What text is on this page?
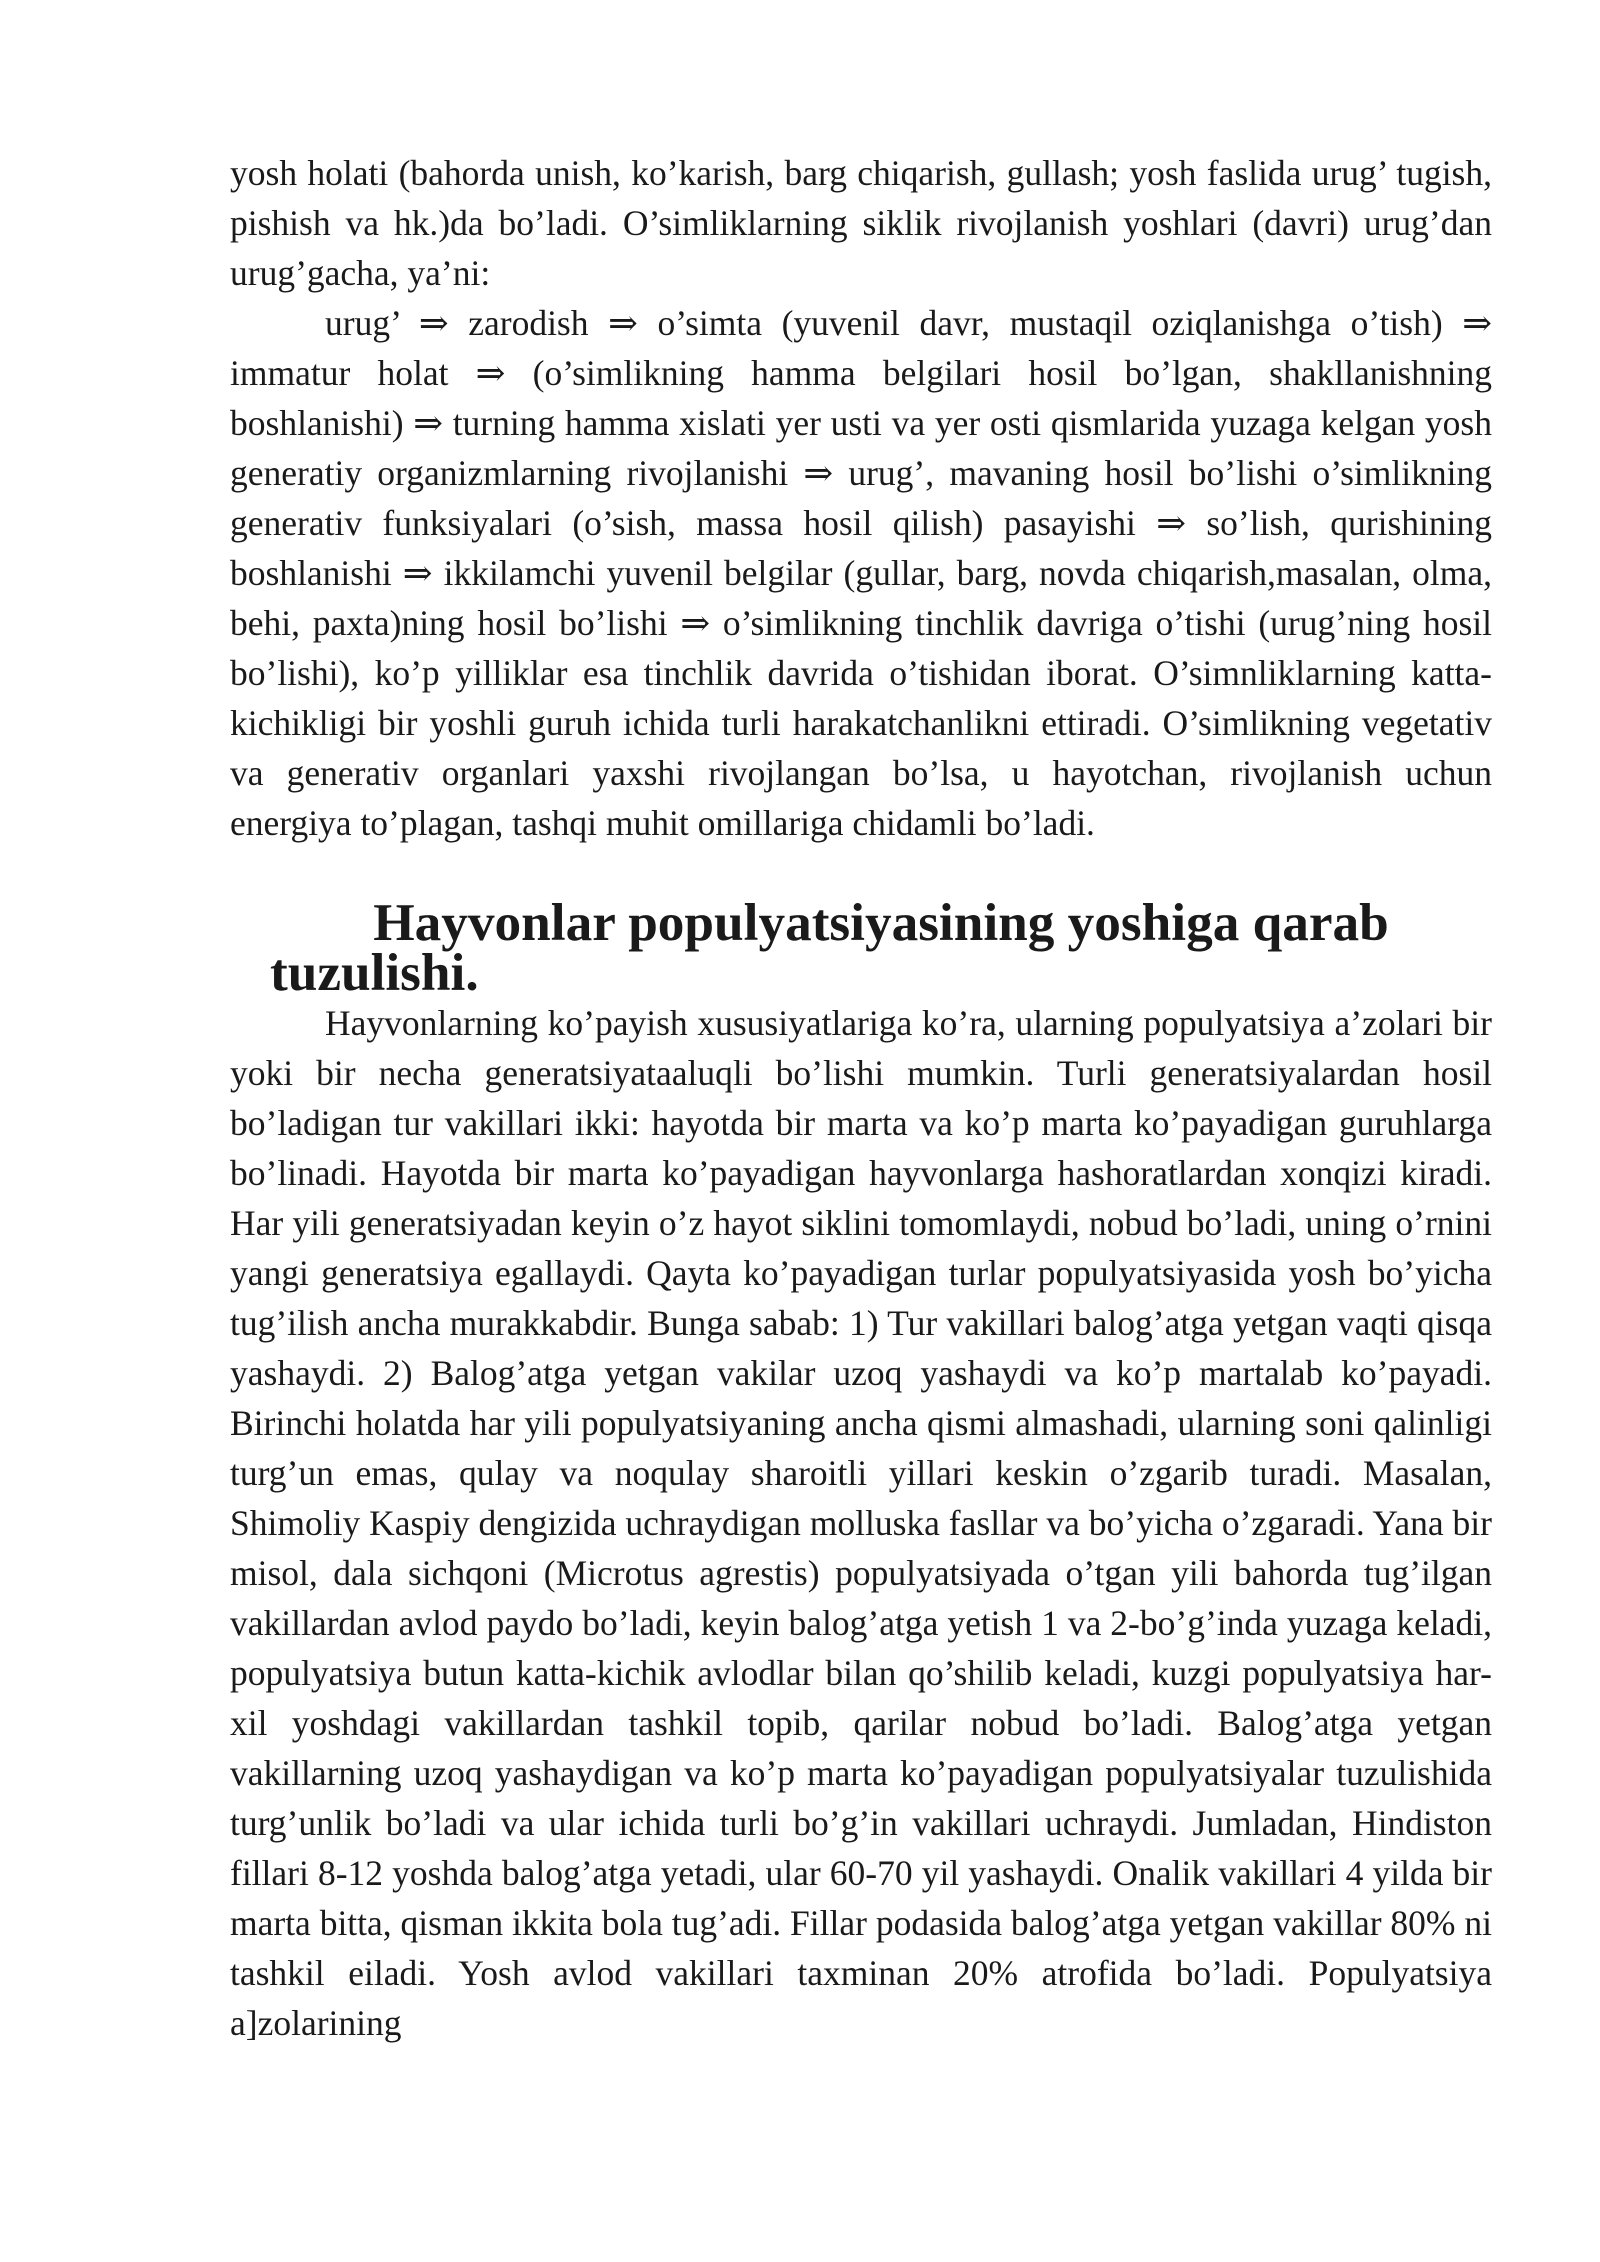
yosh holati (bahorda unish, ko’karish, barg chiqarish, gullash; yosh faslida urug’ tugish, pishish va hk.)da bo’ladi. O’simliklarning siklik rivojlanish yoshlari (davri) urug’dan urug’gacha, ya’ni:

urug’ ⇒ zarodish ⇒ o’simta (yuvenil davr, mustaqil oziqlanishga o’tish) ⇒ immatur holat ⇒ (o’simlikning hamma belgilari hosil bo’lgan, shakllanishning boshlanishi) ⇒ turning hamma xislati yer usti va yer osti qismlarida yuzaga kelgan yosh generatiy organizmlarning rivojlanishi ⇒ urug’, mavaning hosil bo’lishi o’simlikning generativ funksiyalari (o’sish, massa hosil qilish) pasayishi ⇒ so’lish, qurishining boshlanishi ⇒ ikkilamchi yuvenil belgilar (gullar, barg, novda chiqarish,masalan, olma, behi, paxta)ning hosil bo’lishi ⇒ o’simlikning tinchlik davriga o’tishi (urug’ning hosil bo’lishi), ko’p yilliklar esa tinchlik davrida o’tishidan iborat. O’simnliklarning katta-kichikligi bir yoshli guruh ichida turli harakatchanlikni ettiradi. O’simlikning vegetativ va generativ organlari yaxshi rivojlangan bo’lsa, u hayotchan, rivojlanish uchun energiya to’plagan, tashqi muhit omillariga chidamli bo’ladi.

Hayvonlar populyatsiyasining yoshiga qarab tuzulishi.

Hayvonlarning ko’payish xususiyatlariga ko’ra, ularning populyatsiya a’zolari bir yoki bir necha generatsiyataaluqli bo’lishi mumkin. Turli generatsiyalardan hosil bo’ladigan tur vakillari ikki: hayotda bir marta va ko’p marta ko’payadigan guruhlarga bo’linadi. Hayotda bir marta ko’payadigan hayvonlarga hashoratlardan xonqizi kiradi. Har yili generatsiyadan keyin o’z hayot siklini tomomlaydi, nobud bo’ladi, uning o’rnini yangi generatsiya egallaydi. Qayta ko’payadigan turlar populyatsiyasida yosh bo’yicha tug’ilish ancha murakkabdir. Bunga sabab: 1) Tur vakillari balog’atga yetgan vaqti qisqa yashaydi. 2) Balog’atga yetgan vakilar uzoq yashaydi va ko’p martalab ko’payadi. Birinchi holatda har yili populyatsiyaning ancha qismi almashadi, ularning soni qalinligi turg’un emas, qulay va noqulay sharoitli yillari keskin o’zgarib turadi. Masalan, Shimoliy Kaspiy dengizida uchraydigan molluska fasllar va bo’yicha o’zgaradi. Yana bir misol, dala sichqoni (Microtus agrestis) populyatsiyada o’tgan yili bahorda tug’ilgan vakillardan avlod paydo bo’ladi, keyin balog’atga yetish 1 va 2-bo’g’inda yuzaga keladi, populyatsiya butun katta-kichik avlodlar bilan qo’shilib keladi, kuzgi populyatsiya har-xil yoshdagi vakillardan tashkil topib, qarilar nobud bo’ladi. Balog’atga yetgan vakillarning uzoq yashaydigan va ko’p marta ko’payadigan populyatsiyalar tuzulishida turg’unlik bo’ladi va ular ichida turli bo’g’in vakillari uchraydi. Jumladan, Hindiston fillari 8-12 yoshda balog’atga yetadi, ular 60-70 yil yashaydi. Onalik vakillari 4 yilda bir marta bitta, qisman ikkita bola tug’adi. Fillar podasida balog’atga yetgan vakillar 80% ni tashkil eiladi. Yosh avlod vakillari taxminan 20% atrofida bo’ladi. Populyatsiya a]zolarining
